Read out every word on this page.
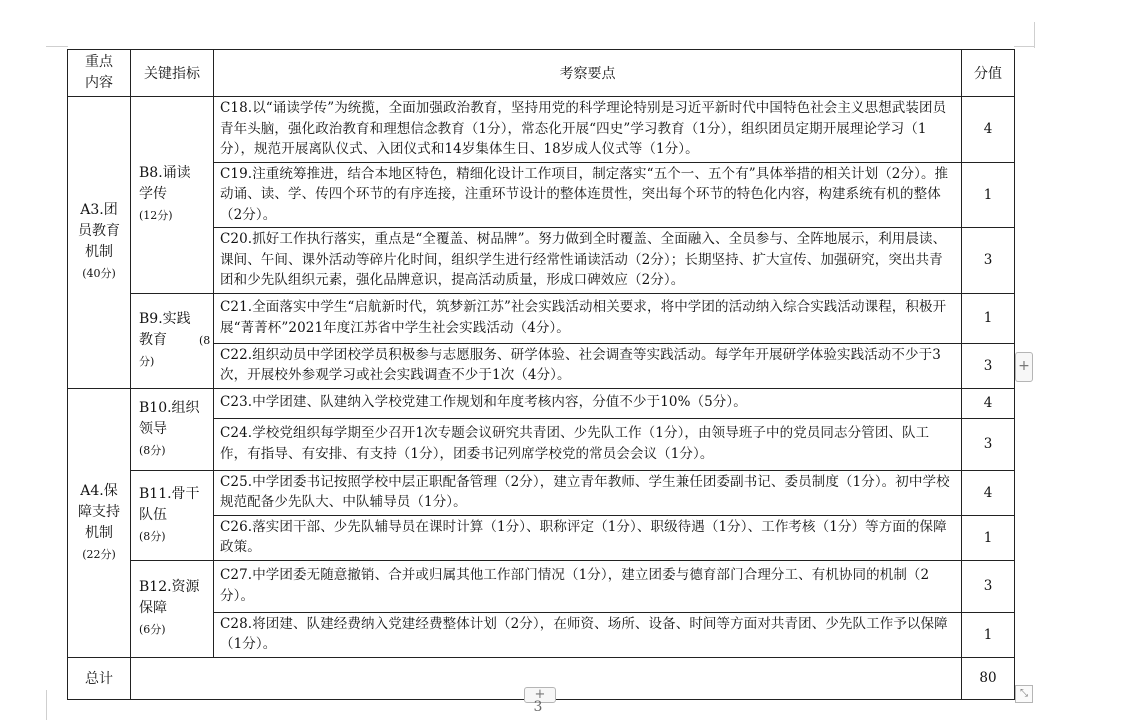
重点内容	关键指标	考察要点	分值
A3.团员教育机制
(40分)	B8.诵读学传(12分)	C18.以“诵读学传”为统揽，全面加强政治教育，坚持用党的科学理论特别是习近平新时代中国特色社会主义思想武装团员青年头脑，强化政治教育和理想信念教育（1分），常态化开展“四史”学习教育（1分），组织团员定期开展理论学习（1分），规范开展离队仪式、入团仪式和14岁集体生日、18岁成人仪式等（1分）。	4
		C19.注重统筹推进，结合本地区特色，精细化设计工作项目，制定落实“五个一、五个有”具体举措的相关计划（2分）。推动诵、读、学、传四个环节的有序连接，注重环节设计的整体连贯性，突出每个环节的特色化内容，构建系统有机的整体（2分）。	1
		C20.抓好工作执行落实，重点是“全覆盖、树品牌”。努力做到全时覆盖、全面融入、全员参与、全阵地展示，利用晨读、课间、午间、课外活动等碎片化时间，组织学生进行经常性诵读活动（2分）；长期坚持、扩大宣传、加强研究，突出共青团和少先队组织元素，强化品牌意识，提高活动质量，形成口碑效应（2分）。	3
	B9.实践教育 (8分)	C21.全面落实中学生“启航新时代，筑梦新江苏”社会实践活动相关要求，将中学团的活动纳入综合实践活动课程，积极开展“菁菁杯”2021年度江苏省中学生社会实践活动（4分）。	1
		C22.组织动员中学团校学员积极参与志愿服务、研学体验、社会调查等实践活动。每学年开展研学体验实践活动不少于3次，开展校外参观学习或社会实践调查不少于1次（4分）。	3
A4.保障支持机制
(22分)	B10.组织领导(8分)	C23.中学团建、队建纳入学校党建工作规划和年度考核内容，分值不少于10%（5分）。	4
		C24.学校党组织每学期至少召开1次专题会议研究共青团、少先队工作（1分），由领导班子中的党员同志分管团、队工作，有指导、有安排、有支持（1分），团委书记列席学校党的常员会会议（1分）。	3
	B11.骨干队伍(8分)	C25.中学团委书记按照学校中层正职配备管理（2分），建立青年教师、学生兼任团委副书记、委员制度（1分）。初中学校规范配备少先队大、中队辅导员（1分）。	4
		C26.落实团干部、少先队辅导员在课时计算（1分）、职称评定（1分）、职级待遇（1分）、工作考核（1分）等方面的保障政策。	1
	B12.资源保障(6分)	C27.中学团委无随意撤销、合并或归属其他工作部门情况（1分），建立团委与德育部门合理分工、有机协同的机制（2分）。	3
		C28.将团建、队建经费纳入党建经费整体计划（2分），在师资、场所、设备、时间等方面对共青团、少先队工作予以保障（1分）。	1
总计			80
+
+	⤡
3
